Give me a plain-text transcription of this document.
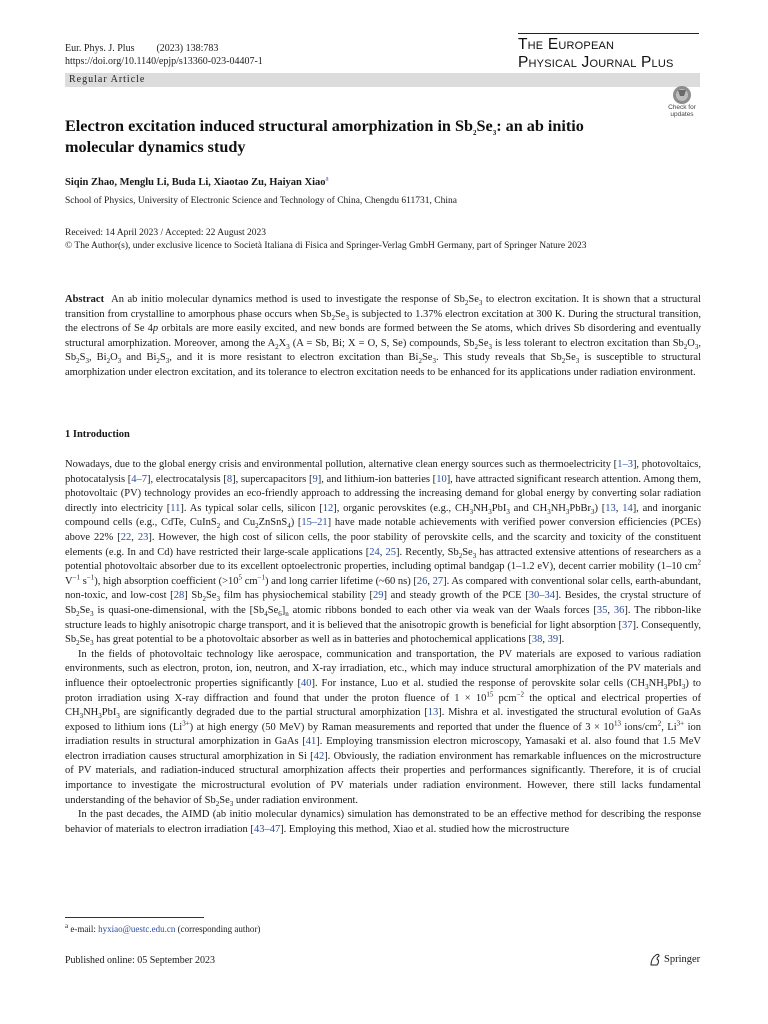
Eur. Phys. J. Plus (2023) 138:783
https://doi.org/10.1140/epjp/s13360-023-04407-1
The European
Physical Journal Plus
Regular Article
Check for updates
Electron excitation induced structural amorphization in $Sb_2Se_3$: an ab initio molecular dynamics study
Siqin Zhao, Menglu Li, Buda Li, Xiaotao Zu, Haiyan Xiao$^a$
School of Physics, University of Electronic Science and Technology of China, Chengdu 611731, China
Received: 14 April 2023 / Accepted: 22 August 2023
© The Author(s), under exclusive licence to Società Italiana di Fisica and Springer-Verlag GmbH Germany, part of Springer Nature 2023
Abstract An ab initio molecular dynamics method is used to investigate the response of $Sb_2Se_3$ to electron excitation. It is shown that a structural transition from crystalline to amorphous phase occurs when $Sb_2Se_3$ is subjected to 1.37% electron excitation at 300 K. During the structural transition, the electrons of Se 4p orbitals are more easily excited, and new bonds are formed between the Se atoms, which drives Sb disordering and eventually structural amorphization. Moreover, among the $A_2X_3$ (A = Sb, Bi; X = O, S, Se) compounds, $Sb_2Se_3$ is less tolerant to electron excitation than $Sb_2O_3$, $Sb_2S_3$, $Bi_2O_3$ and $Bi_2S_3$, and it is more resistant to electron excitation than $Bi_2Se_3$. This study reveals that $Sb_2Se_3$ is susceptible to structural amorphization under electron excitation, and its tolerance to electron excitation needs to be enhanced for its applications under radiation environment.
1 Introduction

Nowadays, due to the global energy crisis and environmental pollution, alternative clean energy sources such as thermoelectricity [1–3], photovoltaics, photocatalysis [4–7], electrocatalysis [8], supercapacitors [9], and lithium-ion batteries [10], have attracted significant research attention. Among them, photovoltaic (PV) technology provides an eco-friendly approach to addressing the increasing demand for global energy by converting solar radiation directly into electricity [11]. As typical solar cells, silicon [12], organic perovskites (e.g., $CH_3NH_3PbI_3$ and $CH_3NH_3PbBr_3$) [13, 14], and inorganic compound cells (e.g., CdTe, CuInS$_2$ and $Cu_2ZnSnS_4$) [15–21] have made notable achievements with verified power conversion efficiencies (PCEs) above 22% [22, 23]. However, the high cost of silicon cells, the poor stability of perovskite cells, and the scarcity and toxicity of the constituent elements (e.g. In and Cd) have restricted their large-scale applications [24, 25]. Recently, $Sb_2Se_3$ has attracted extensive attentions of researchers as a potential photovoltaic absorber due to its excellent optoelectronic properties, including optimal bandgap (1–1.2 eV), decent carrier mobility (1–10 $cm^2$ $V^{-1}$ $s^{-1}$), high absorption coefficient ($>10^5$ $cm^{-1}$) and long carrier lifetime (~60 ns) [26, 27]. As compared with conventional solar cells, earth-abundant, non-toxic, and low-cost [28] $Sb_2Se_3$ film has physiochemical stability [29] and steady growth of the PCE [30–34]. Besides, the crystal structure of $Sb_2Se_3$ is quasi-one-dimensional, with the $[Sb_4Se_6]_n$ atomic ribbons bonded to each other via weak van der Waals forces [35, 36]. The ribbon-like structure leads to highly anisotropic charge transport, and it is believed that the anisotropic growth is beneficial for light absorption [37]. Consequently, $Sb_2Se_3$ has great potential to be a photovoltaic absorber as well as in batteries and photochemical applications [38, 39].

In the fields of photovoltaic technology like aerospace, communication and transportation, the PV materials are exposed to various radiation environments, such as electron, proton, ion, neutron, and X-ray irradiation, etc., which may induce structural amorphization of the PV materials and influence their optoelectronic properties significantly [40]. For instance, Luo et al. studied the response of perovskite solar cells $(CH_3NH_3PbI_3)$ to proton irradiation using X-ray diffraction and found that under the proton fluence of $1 \times 10^{15}$ pcm$^{-2}$ the optical and electrical properties of $CH_3NH_3PbI_3$ are significantly degraded due to the partial structural amorphization [13]. Mishra et al. investigated the structural evolution of GaAs exposed to lithium ions $(Li^{3+})$ at high energy (50 MeV) by Raman measurements and reported that under the fluence of $3 \times 10^{13}$ ions/$cm^2$, $Li^{3+}$ ion irradiation results in structural amorphization in GaAs [41]. Employing transmission electron microscopy, Yamasaki et al. also found that 1.5 MeV electron irradiation causes structural amorphization in Si [42]. Obviously, the radiation environment has remarkable influences on the microstructure of PV materials, and radiation-induced structural amorphization affects their properties and performances significantly. Therefore, it is of crucial importance to investigate the microstructural evolution of PV materials under radiation environment. However, there still lacks fundamental understanding of the behavior of $Sb_2Se_3$ under radiation environment.

In the past decades, the AIMD (ab initio molecular dynamics) simulation has demonstrated to be an effective method for describing the response behavior of materials to electron irradiation [43–47]. Employing this method, Xiao et al. studied how the microstructure

$^a$ e-mail: hyxiao@uestc.edu.cn (corresponding author)
Published online: 05 September 2023	Springer
